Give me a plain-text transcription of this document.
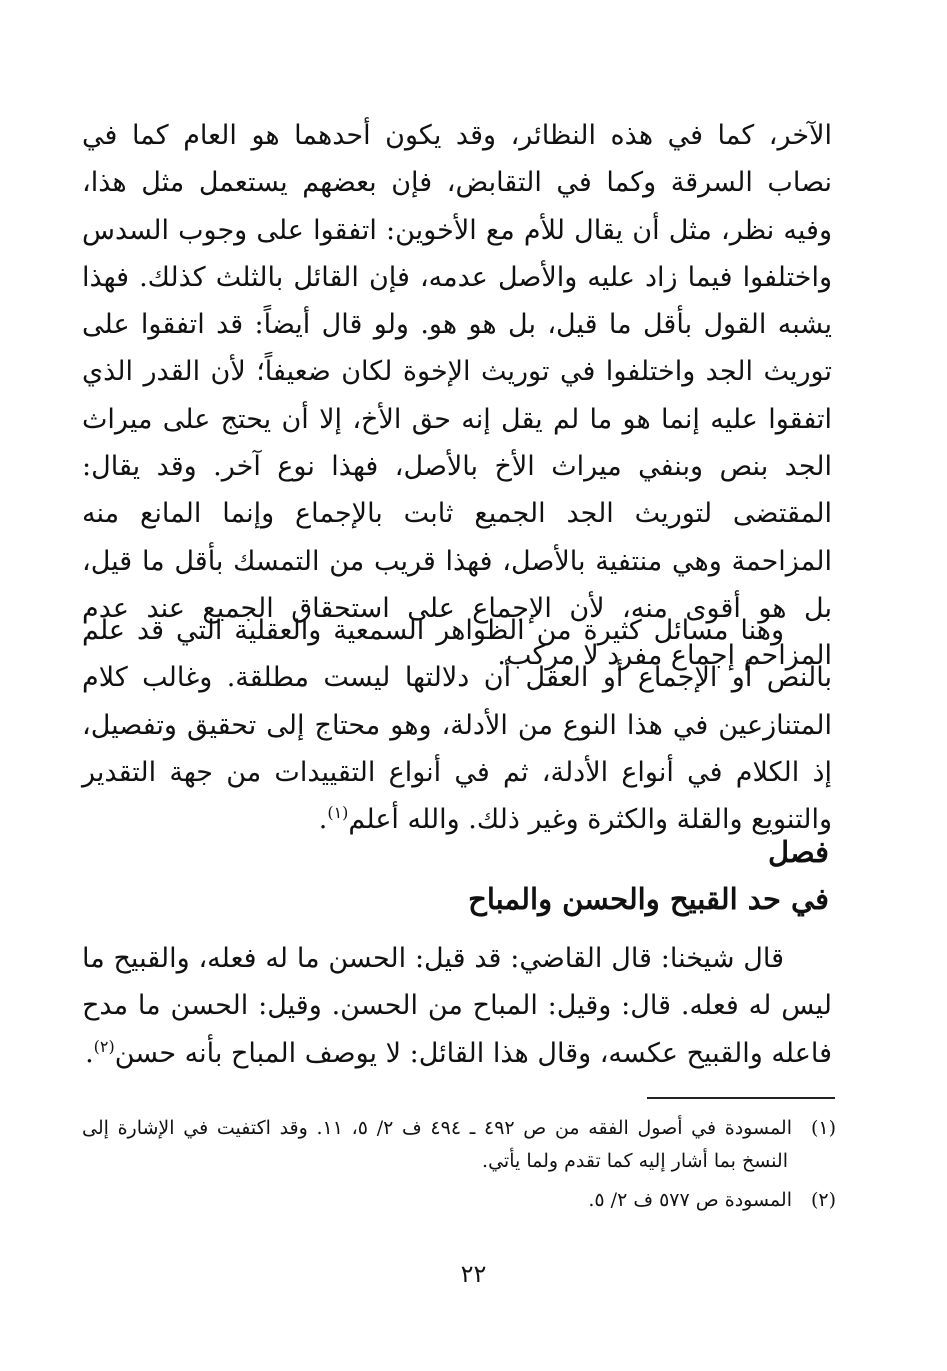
الآخر، كما في هذه النظائر، وقد يكون أحدهما هو العام كما في نصاب السرقة وكما في التقابض، فإن بعضهم يستعمل مثل هذا، وفيه نظر، مثل أن يقال للأم مع الأخوين: اتفقوا على وجوب السدس واختلفوا فيما زاد عليه والأصل عدمه، فإن القائل بالثلث كذلك. فهذا يشبه القول بأقل ما قيل، بل هو هو. ولو قال أيضاً: قد اتفقوا على توريث الجد واختلفوا في توريث الإخوة لكان ضعيفاً؛ لأن القدر الذي اتفقوا عليه إنما هو ما لم يقل إنه حق الأخ، إلا أن يحتج على ميراث الجد بنص وبنفي ميراث الأخ بالأصل، فهذا نوع آخر. وقد يقال: المقتضى لتوريث الجد الجميع ثابت بالإجماع وإنما المانع منه المزاحمة وهي منتفية بالأصل، فهذا قريب من التمسك بأقل ما قيل، بل هو أقوى منه، لأن الإجماع على استحقاق الجميع عند عدم المزاحم إجماع مفرد لا مركب.

وهنا مسائل كثيرة من الظواهر السمعية والعقلية التي قد علم بالنص أو الإجماع أو العقل أن دلالتها ليست مطلقة. وغالب كلام المتنازعين في هذا النوع من الأدلة، وهو محتاج إلى تحقيق وتفصيل، إذ الكلام في أنواع الأدلة، ثم في أنواع التقييدات من جهة التقدير والتنويع والقلة والكثرة وغير ذلك. والله أعلم$^{(١)}$.

فصل
في حد القبيح والحسن والمباح

قال شيخنا: قال القاضي: قد قيل: الحسن ما له فعله، والقبيح ما ليس له فعله. قال: وقيل: المباح من الحسن. وقيل: الحسن ما مدح فاعله والقبيح عكسه، وقال هذا القائل: لا يوصف المباح بأنه حسن$^{(٢)}$.

(١)المسودة في أصول الفقه من ص ٤٩٢ ـ ٤٩٤ ف ٢/ ٥، ١١. وقد اكتفيت في الإشارة إلى النسخ بما أشار إليه كما تقدم ولما يأتي.

(٢)المسودة ص ٥٧٧ ف ٢/ ٥.

٢٢
